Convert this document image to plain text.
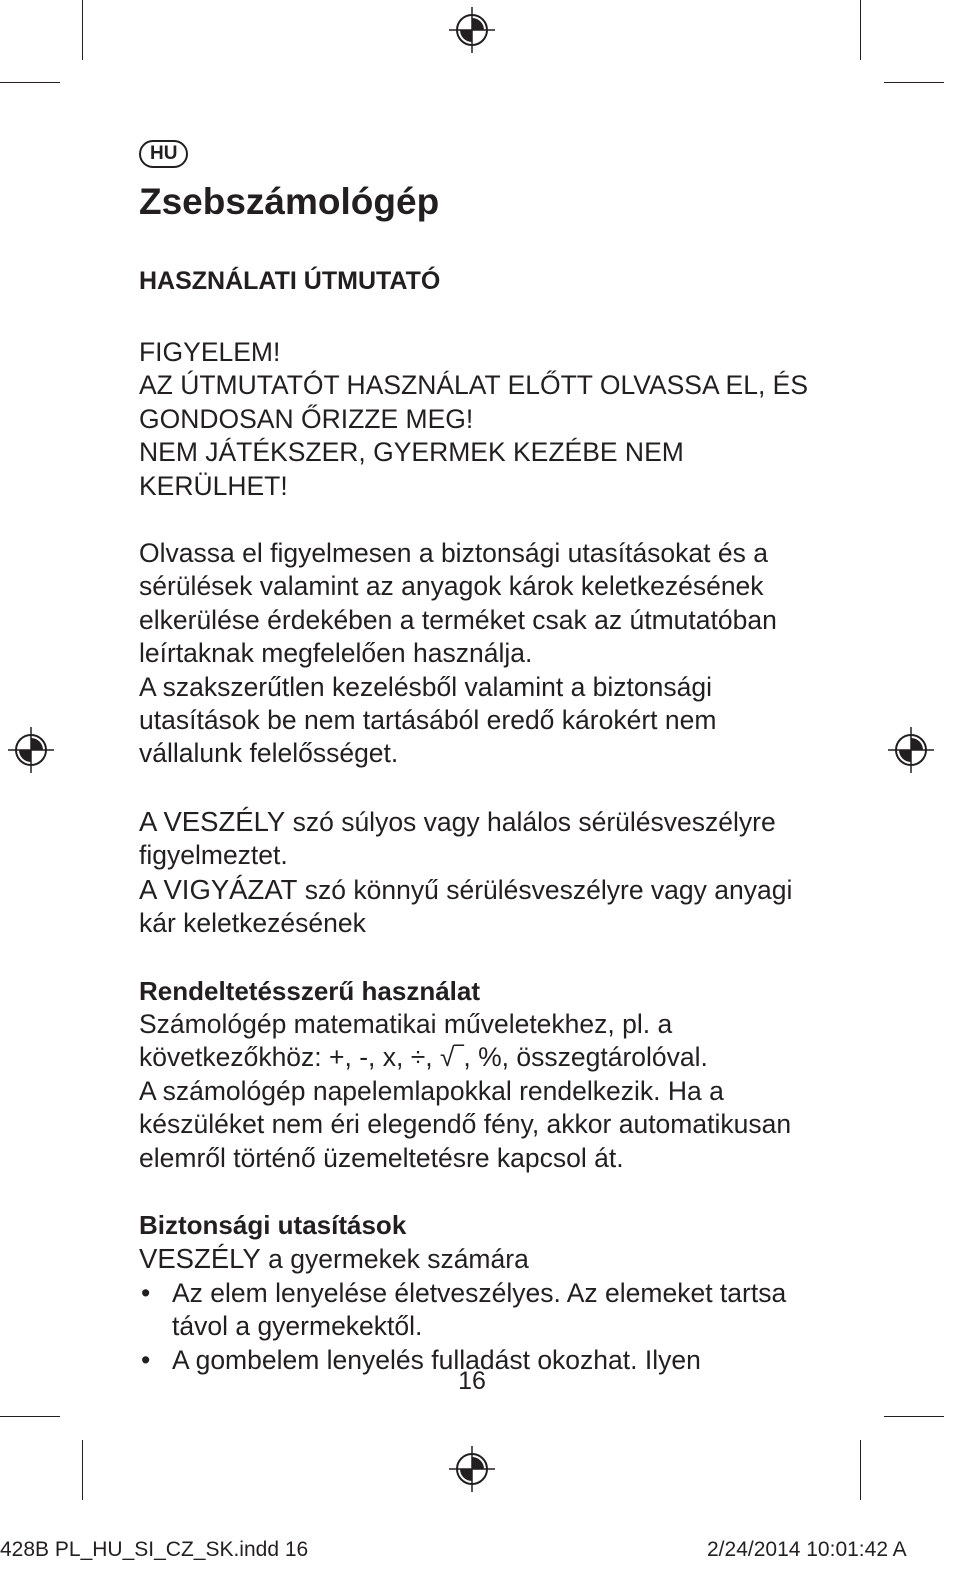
HU
Zsebszámológép
HASZNÁLATI ÚTMUTATÓ

FIGYELEM!

AZ ÚTMUTATÓT HASZNÁLAT ELŐTT OLVASSA EL, ÉS

GONDOSAN ŐRIZZE MEG!

NEM JÁTÉKSZER, GYERMEK KEZÉBE NEM

KERÜLHET!

Olvassa el figyelmesen a biztonsági utasításokat és a

sérülések valamint az anyagok károk keletkezésének

elkerülése érdekében a terméket csak az útmutatóban

leírtaknak megfelelően használja.

A szakszerűtlen kezelésből valamint a biztonsági

utasítások be nem tartásából eredő károkért nem

vállalunk felelősséget.

A VESZÉLY szó súlyos vagy halálos sérülésveszélyre

figyelmeztet.

A VIGYÁZAT szó könnyű sérülésveszélyre vagy anyagi

kár keletkezésének

Rendeltetésszerű használat

Számológép matematikai műveletekhez, pl. a

következőkhöz: +, -, x, ÷, √‾, %, összegtárolóval.

A számológép napelemlapokkal rendelkezik. Ha a

készüléket nem éri elegendő fény, akkor automatikusan

elemről történő üzemeltetésre kapcsol át.

Biztonsági utasítások

VESZÉLY a gyermekek számára

• Az elem lenyelése életveszélyes. Az elemeket tartsa
távol a gyermekektől.
• A gombelem lenyelés fulladást okozhat. Ilyen
16
428B PL_HU_SI_CZ_SK.indd 16	2/24/2014 10:01:42 A
